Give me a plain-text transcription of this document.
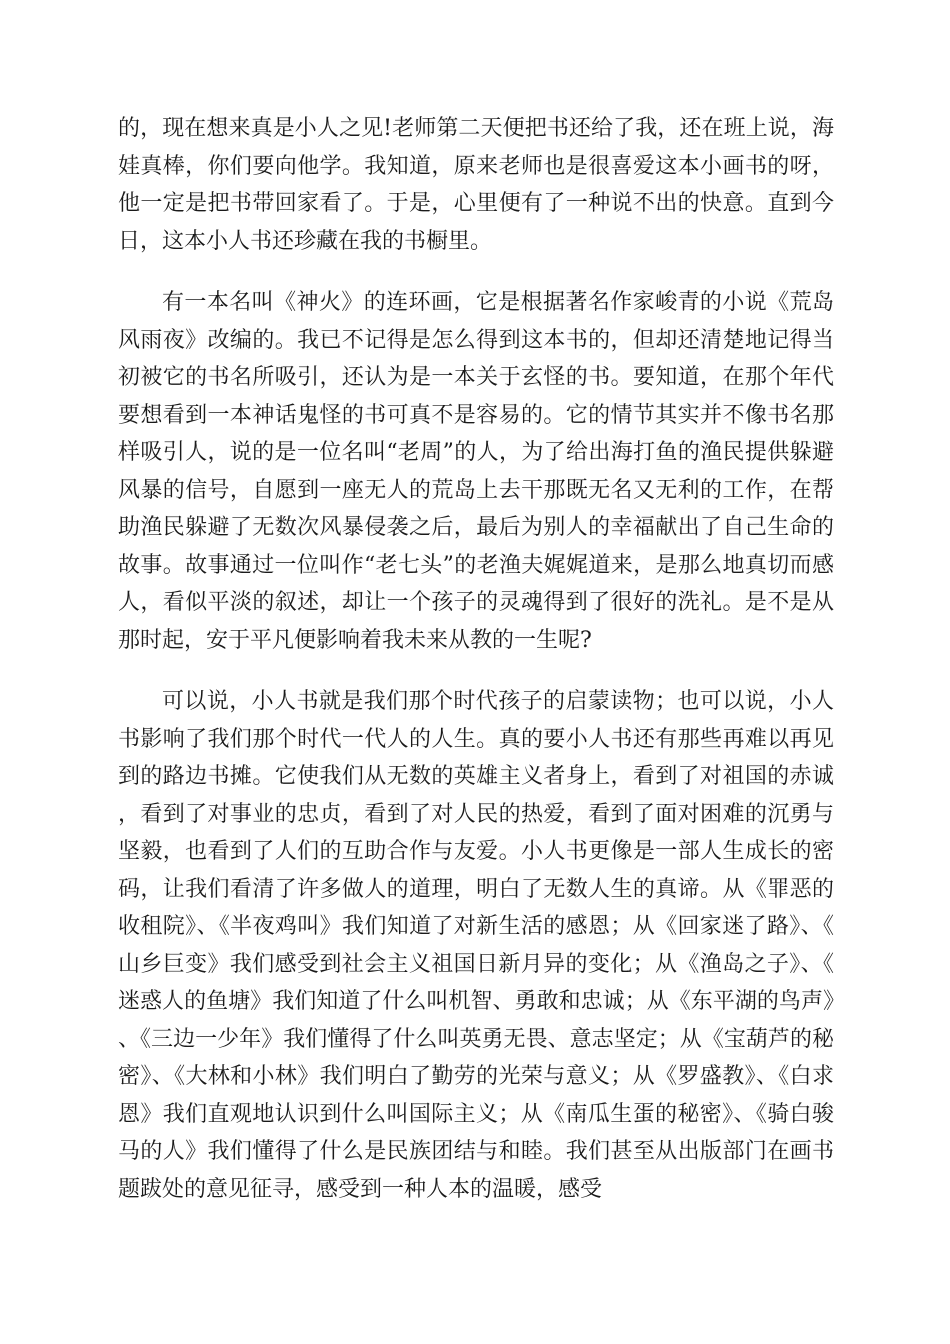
的，现在想来真是小人之见!老师第二天便把书还给了我，还在班上说，海娃真棒，你们要向他学。我知道，原来老师也是很喜爱这本小画书的呀，他一定是把书带回家看了。于是，心里便有了一种说不出的快意。直到今日，这本小人书还珍藏在我的书橱里。

有一本名叫《神火》的连环画，它是根据著名作家峻青的小说《荒岛风雨夜》改编的。我已不记得是怎么得到这本书的，但却还清楚地记得当初被它的书名所吸引，还认为是一本关于玄怪的书。要知道，在那个年代要想看到一本神话鬼怪的书可真不是容易的。它的情节其实并不像书名那样吸引人，说的是一位名叫“老周”的人，为了给出海打鱼的渔民提供躲避风暴的信号，自愿到一座无人的荒岛上去干那既无名又无利的工作，在帮助渔民躲避了无数次风暴侵袭之后，最后为别人的幸福献出了自己生命的故事。故事通过一位叫作“老七头”的老渔夫娓娓道来，是那么地真切而感人，看似平淡的叙述，却让一个孩子的灵魂得到了很好的洗礼。是不是从那时起，安于平凡便影响着我未来从教的一生呢?

可以说，小人书就是我们那个时代孩子的启蒙读物；也可以说，小人书影响了我们那个时代一代人的人生。真的要小人书还有那些再难以再见到的路边书摊。它使我们从无数的英雄主义者身上，看到了对祖国的赤诚，看到了对事业的忠贞，看到了对人民的热爱，看到了面对困难的沉勇与坚毅，也看到了人们的互助合作与友爱。小人书更像是一部人生成长的密码，让我们看清了许多做人的道理，明白了无数人生的真谛。从《罪恶的收租院》、《半夜鸡叫》我们知道了对新生活的感恩；从《回家迷了路》、《山乡巨变》我们感受到社会主义祖国日新月异的变化；从《渔岛之子》、《迷惑人的鱼塘》我们知道了什么叫机智、勇敢和忠诚；从《东平湖的鸟声》、《三边一少年》我们懂得了什么叫英勇无畏、意志坚定；从《宝葫芦的秘密》、《大林和小林》我们明白了勤劳的光荣与意义；从《罗盛教》、《白求恩》我们直观地认识到什么叫国际主义；从《南瓜生蛋的秘密》、《骑白骏马的人》我们懂得了什么是民族团结与和睦。我们甚至从出版部门在画书题跋处的意见征寻，感受到一种人本的温暖，感受
